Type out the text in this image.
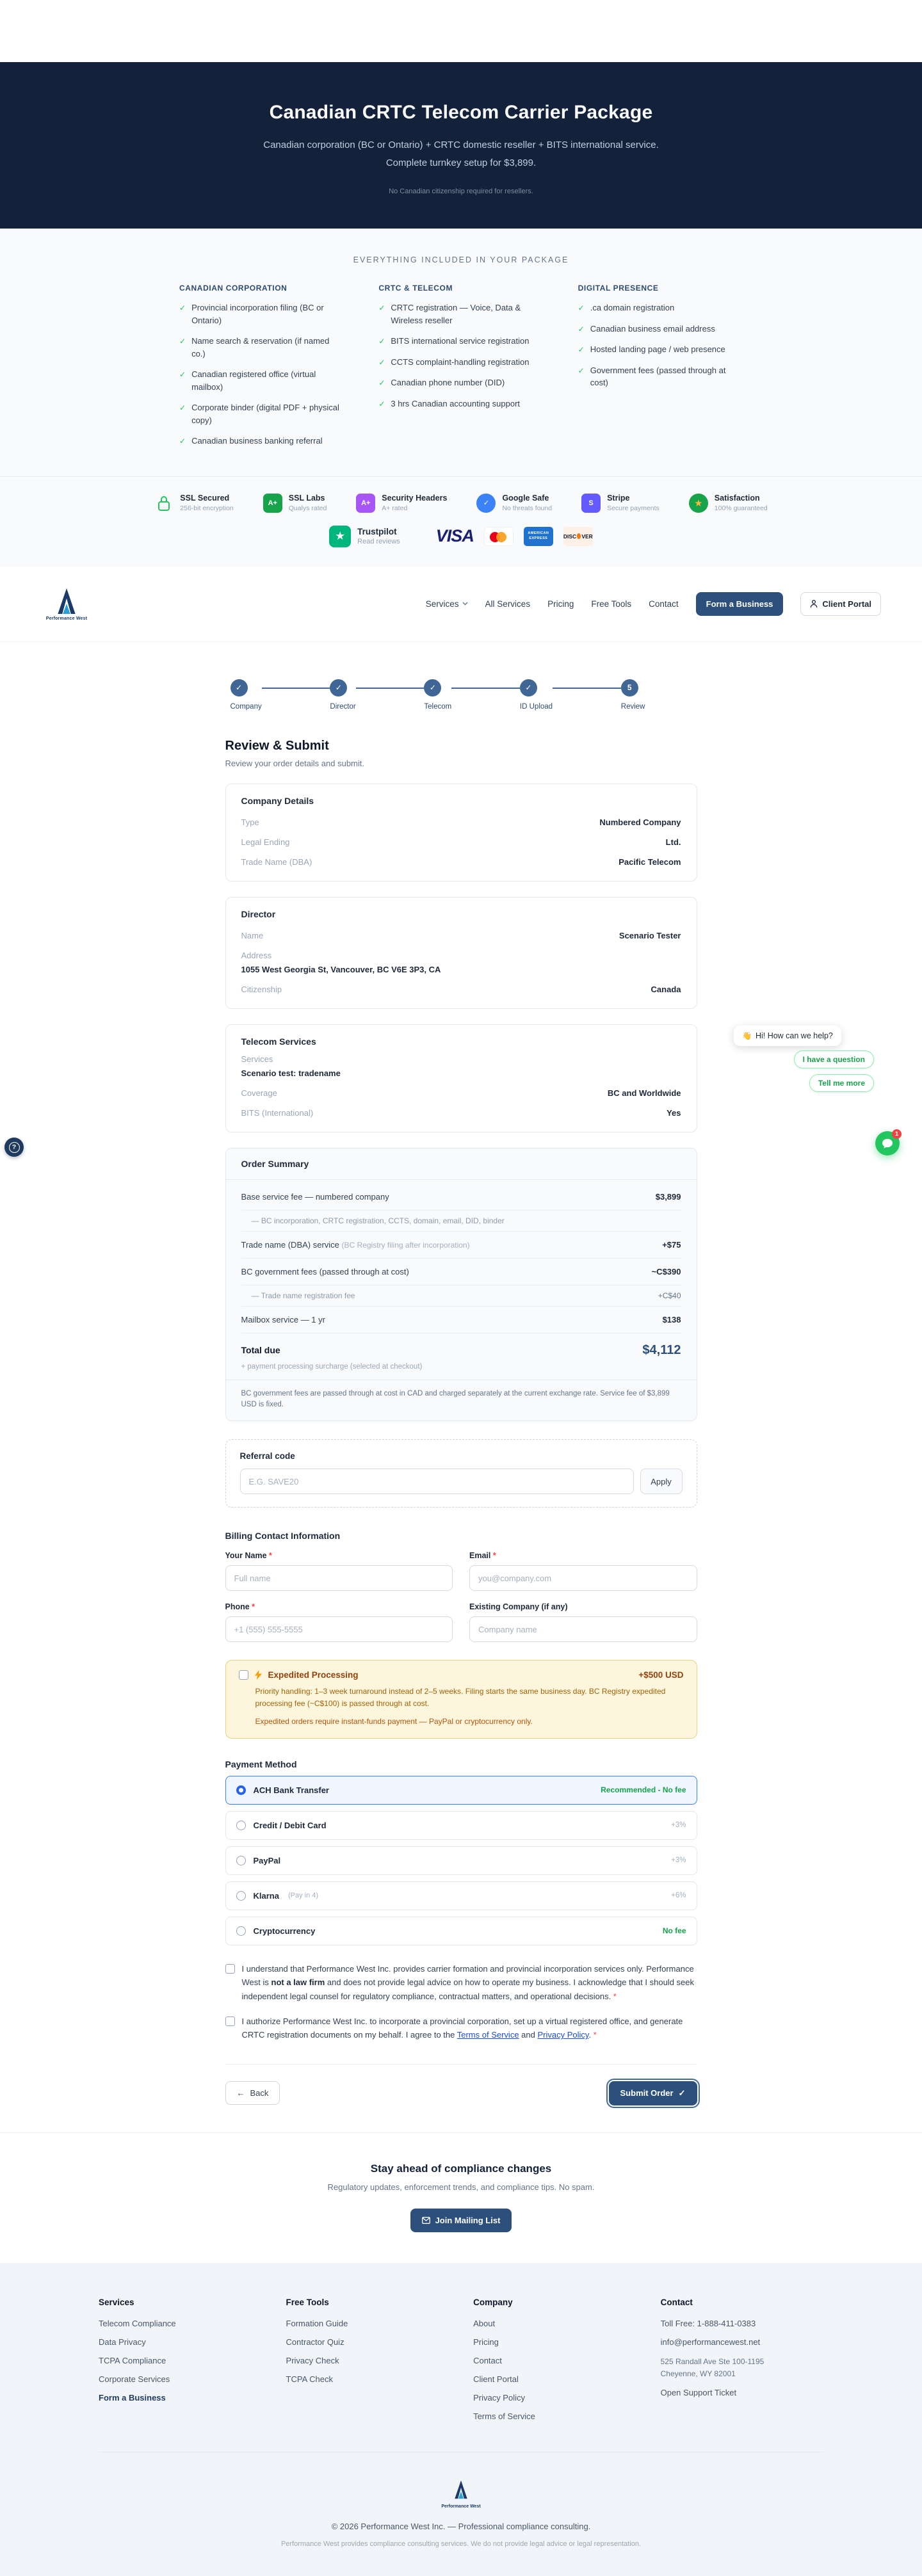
Canadian CRTC Telecom Carrier Package
Canadian corporation (BC or Ontario) + CRTC domestic reseller + BITS international service. Complete turnkey setup for $3,899.
No Canadian citizenship required for resellers.
EVERYTHING INCLUDED IN YOUR PACKAGE
CANADIAN CORPORATION
✓ Provincial incorporation filing (BC or Ontario)
✓ Name search & reservation (if named co.)
✓ Canadian registered office (virtual mailbox)
✓ Corporate binder (digital PDF + physical copy)
✓ Canadian business banking referral
CRTC & TELECOM
✓ CRTC registration — Voice, Data & Wireless reseller
✓ BITS international service registration
✓ CCTS complaint-handling registration
✓ Canadian phone number (DID)
✓ 3 hrs Canadian accounting support
DIGITAL PRESENCE
✓ .ca domain registration
✓ Canadian business email address
✓ Hosted landing page / web presence
✓ Government fees (passed through at cost)
SSL Secured
256-bit encryption
A+
SSL Labs
Qualys rated
A+
Security Headers
A+ rated
✓
Google Safe
No threats found
S
Stripe
Secure payments	★	Satisfaction
100% guaranteed
★	Trustpilot
Read reviews VISA	AMERICAN EXPRESS	DISC VER
Performance West
Services	All Services Pricing Free Tools Contact	Form a Business	Client Portal
✓
Company
✓
Director
✓
Telecom
✓
ID Upload
5
Review
Review & Submit

Review your order details and submit.

Company Details
Type	Numbered Company
Legal Ending	Ltd.
Trade Name (DBA)	Pacific Telecom
Director
Name	Scenario Tester
Address
1055 West Georgia St, Vancouver, BC V6E 3P3, CA
Citizenship	Canada
Telecom Services
Services
Scenario test: tradename
Coverage	BC and Worldwide
BITS (International)	Yes
Order Summary
Base service fee — numbered company	$3,899
— BC incorporation, CRTC registration, CCTS, domain, email, DID, binder
Trade name (DBA) service (BC Registry filing after incorporation)	+$75
BC government fees (passed through at cost)	~C$390
— Trade name registration fee	+C$40
Mailbox service — 1 yr	$138
Total due	$4,112
+ payment processing surcharge (selected at checkout)
BC government fees are passed through at cost in CAD and charged separately at the current exchange rate. Service fee of $3,899 USD is fixed.
Referral code
E.G. SAVE20
Apply
Billing Contact Information
Your Name *
Full name	Email *
you@company.com
Phone *
+1 (555) 555-5555	Existing Company (if any)
Company name
Expedited Processing	+$500 USD

Priority handling: 1–3 week turnaround instead of 2–5 weeks. Filing starts the same business day. BC Registry expedited processing fee (~C$100) is passed through at cost.

Expedited orders require instant-funds payment — PayPal or cryptocurrency only.

Payment Method
ACH Bank Transfer	Recommended - No fee
Credit / Debit Card	+3%
PayPal	+3%
Klarna (Pay in 4)	+6%
Cryptocurrency	No fee
I understand that Performance West Inc. provides carrier formation and provincial incorporation services only. Performance West is not a law firm and does not provide legal advice on how to operate my business. I acknowledge that I should seek independent legal counsel for regulatory compliance, contractual matters, and operational decisions. *
I authorize Performance West Inc. to incorporate a provincial corporation, set up a virtual registered office, and generate CRTC registration documents on my behalf. I agree to the Terms of Service and Privacy Policy. *
← Back	Submit Order ✓
Stay ahead of compliance changes

Regulatory updates, enforcement trends, and compliance tips. No spam.

Join Mailing List
Services
Telecom Compliance
Data Privacy
TCPA Compliance
Corporate Services
Form a Business
Free Tools
Formation Guide
Contractor Quiz
Privacy Check
TCPA Check
Company
About
Pricing
Contact
Client Portal
Privacy Policy
Terms of Service
Contact
Toll Free: 1-888-411-0383
info@performancewest.net
525 Randall Ave Ste 100-1195
Cheyenne, WY 82001
Open Support Ticket
Performance West
© 2026 Performance West Inc. — Professional compliance consulting.
Performance West provides compliance consulting services. We do not provide legal advice or legal representation.
?
👋 Hi! How can we help?
I have a question
Tell me more
1
